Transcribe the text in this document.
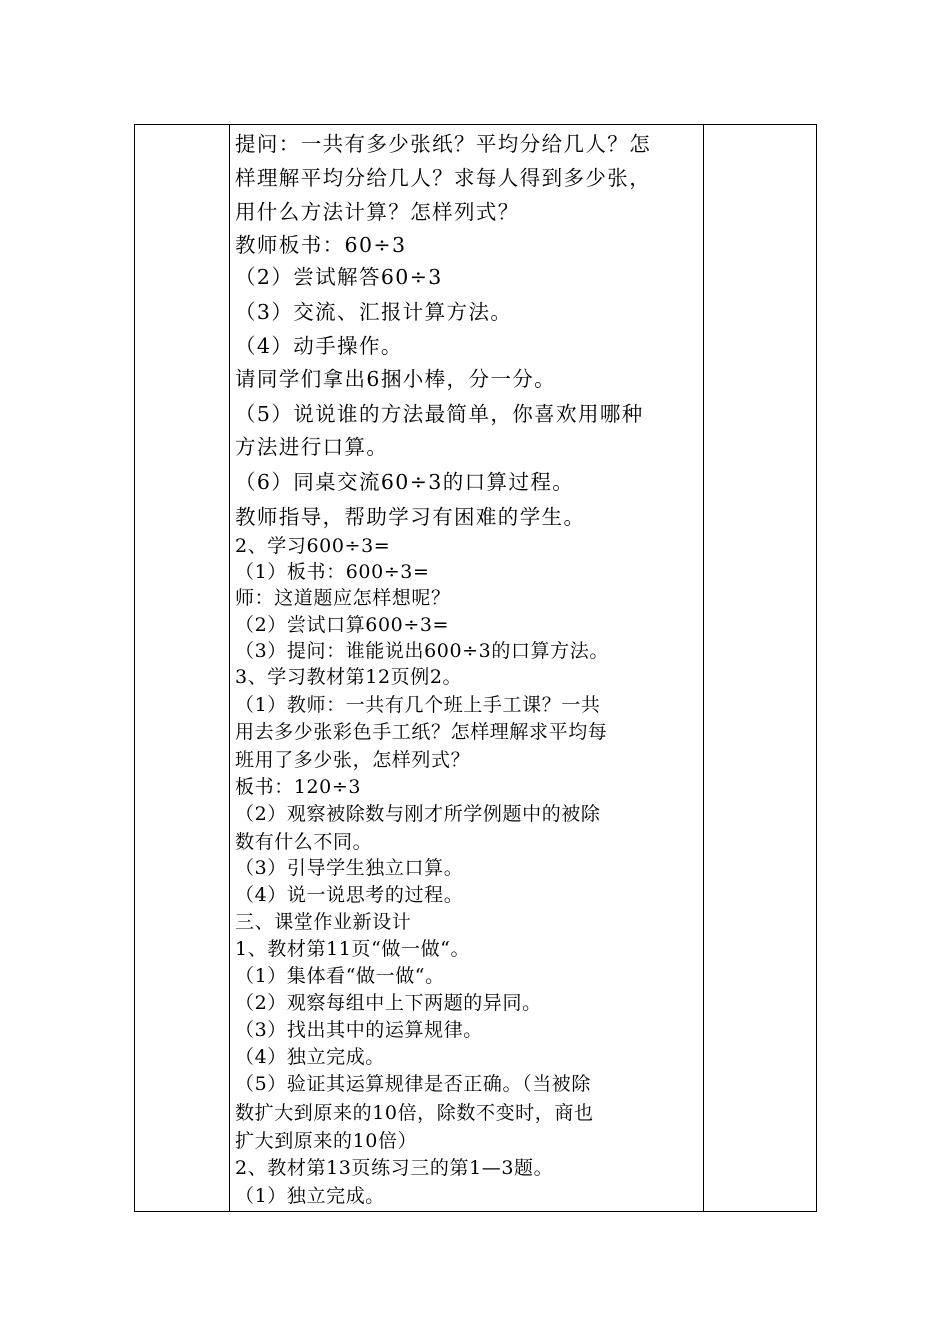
提问：一共有多少张纸？平均分给几人？怎
样理解平均分给几人？求每人得到多少张，
用什么方法计算？怎样列式？
教师板书：60÷3
（2）尝试解答60÷3
（3）交流、汇报计算方法。
（4）动手操作。
请同学们拿出6捆小棒，分一分。
（5）说说谁的方法最简单，你喜欢用哪种
方法进行口算。
（6）同桌交流60÷3的口算过程。
教师指导，帮助学习有困难的学生。
2、学习600÷3=
（1）板书：600÷3=
师：这道题应怎样想呢？
（2）尝试口算600÷3=
（3）提问：谁能说出600÷3的口算方法。
3、学习教材第12页例2。
（1）教师：一共有几个班上手工课？一共
用去多少张彩色手工纸？怎样理解求平均每
班用了多少张，怎样列式？
板书：120÷3
（2）观察被除数与刚才所学例题中的被除
数有什么不同。
（3）引导学生独立口算。
（4）说一说思考的过程。
三、课堂作业新设计
1、教材第11页“做一做“。
（1）集体看“做一做“。
（2）观察每组中上下两题的异同。
（3）找出其中的运算规律。
（4）独立完成。
（5）验证其运算规律是否正确。（当被除
数扩大到原来的10倍，除数不变时，商也
扩大到原来的10倍）
2、教材第13页练习三的第1—3题。
（1）独立完成。
